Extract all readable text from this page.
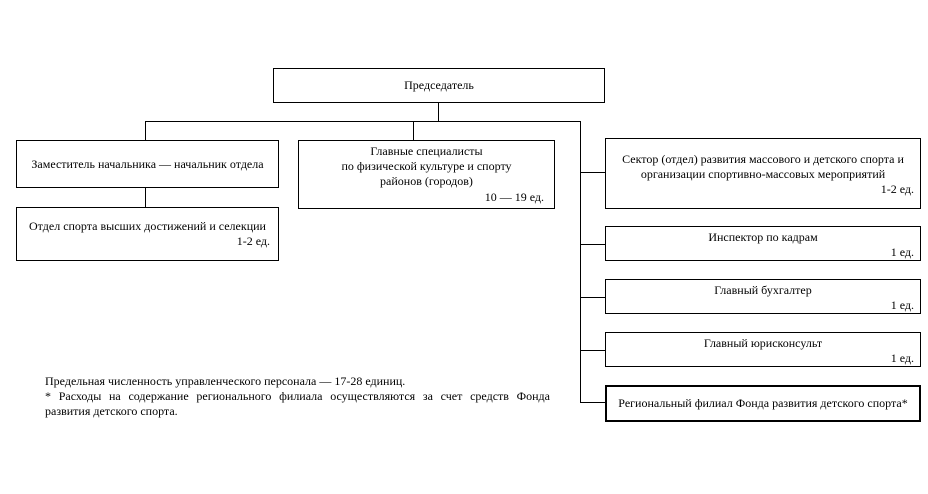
Председатель
Заместитель начальника — начальник отдела
Отдел спорта высших достижений и селекции
1-2 ед.
Главные специалисты
по физической культуре и спорту
районов (городов)
10 — 19 ед.
Сектор (отдел) развития массового и детского спорта и
организации спортивно-массовых мероприятий
1-2 ед.
Инспектор по кадрам
1 ед.
Главный бухгалтер
1 ед.
Главный юрисконсульт
1 ед.
Региональный филиал Фонда развития детского спорта*
Предельная численность управленческого персонала — 17-28 единиц.
* Расходы на содержание регионального филиала осуществляются за счет средств Фонда развития детского спорта.
